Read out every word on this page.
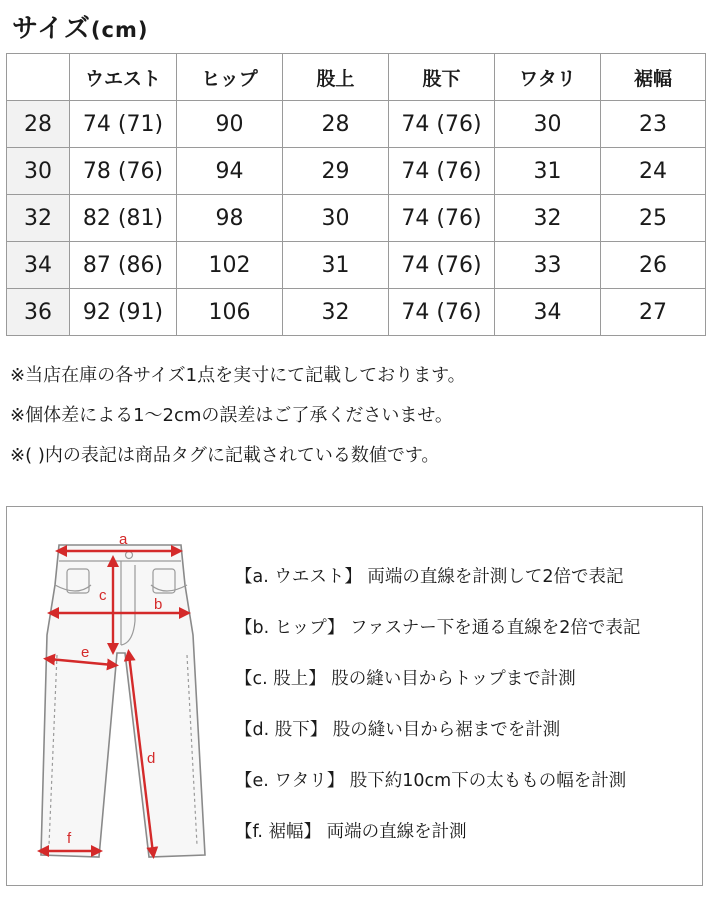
サイズ(cm)
	ウエスト	ヒップ	股上	股下	ワタリ	裾幅
28	74 (71)	90	28	74 (76)	30	23
30	78 (76)	94	29	74 (76)	31	24
32	82 (81)	98	30	74 (76)	32	25
34	87 (86)	102	31	74 (76)	33	26
36	92 (91)	106	32	74 (76)	34	27
※当店在庫の各サイズ1点を実寸にて記載しております。
※個体差による1〜2cmの誤差はご了承くださいませ。
※( )内の表記は商品タグに記載されている数値です。
a
c
b
e
d
f
【a. ウエスト】 両端の直線を計測して2倍で表記
【b. ヒップ】 ファスナー下を通る直線を2倍で表記
【c. 股上】 股の縫い目からトップまで計測
【d. 股下】 股の縫い目から裾までを計測
【e. ワタリ】 股下約10cm下の太ももの幅を計測
【f. 裾幅】 両端の直線を計測
